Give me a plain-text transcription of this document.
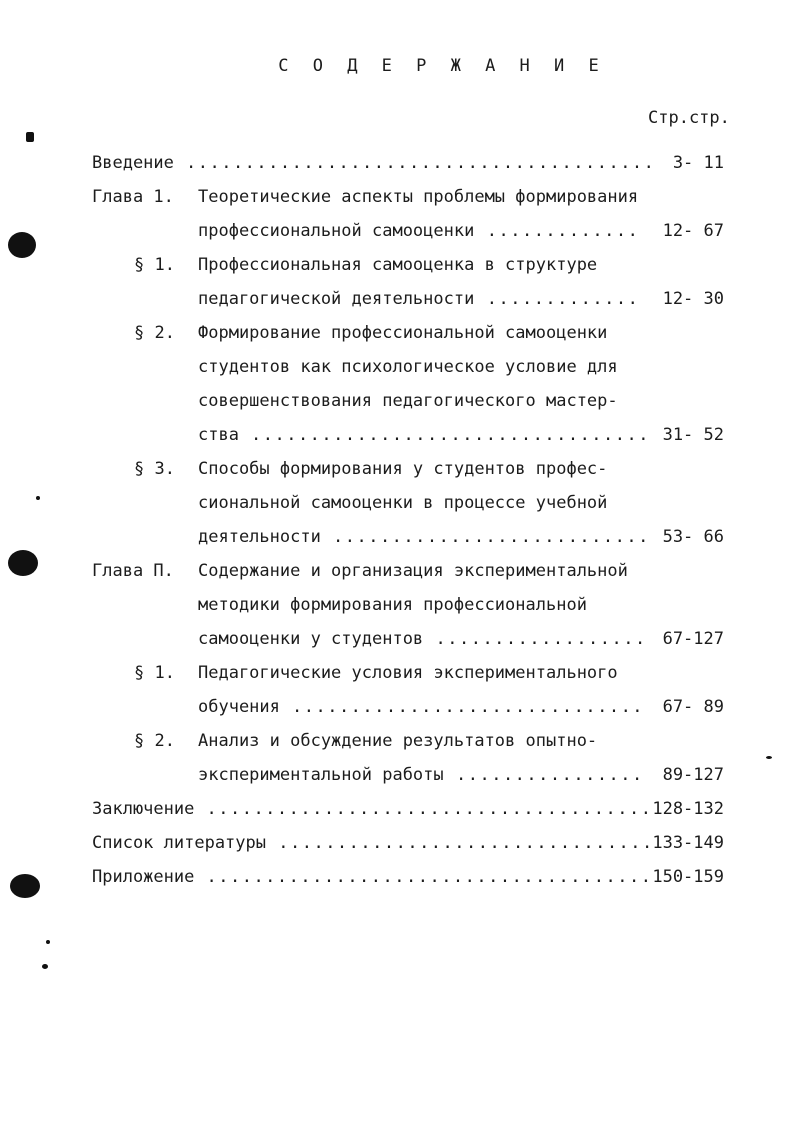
С О Д Е Р Ж А Н И Е
Стр.стр.
Введение	3- 11
........................................
Глава 1. Теоретические аспекты проблемы формирования
профессиональной самооценки	12- 67
.............
§ 1. Профессиональная самооценка в структуре
педагогической деятельности	12- 30
.............
§ 2. Формирование профессиональной самооценки
студентов как психологическое условие для
совершенствования педагогического мастер-
ства	31- 52
..................................
§ 3. Способы формирования у студентов профес-
сиональной самооценки в процессе учебной
деятельности	53- 66
...........................
Глава П. Содержание и организация экспериментальной
методики формирования профессиональной
самооценки у студентов	67-127
..................
§ 1. Педагогические условия экспериментального
обучения	67- 89
..............................
§ 2. Анализ и обсуждение результатов опытно-
экспериментальной работы	89-127
................
Заключение	128-132
......................................
Список литературы	133-149
................................
Приложение	150-159
......................................
